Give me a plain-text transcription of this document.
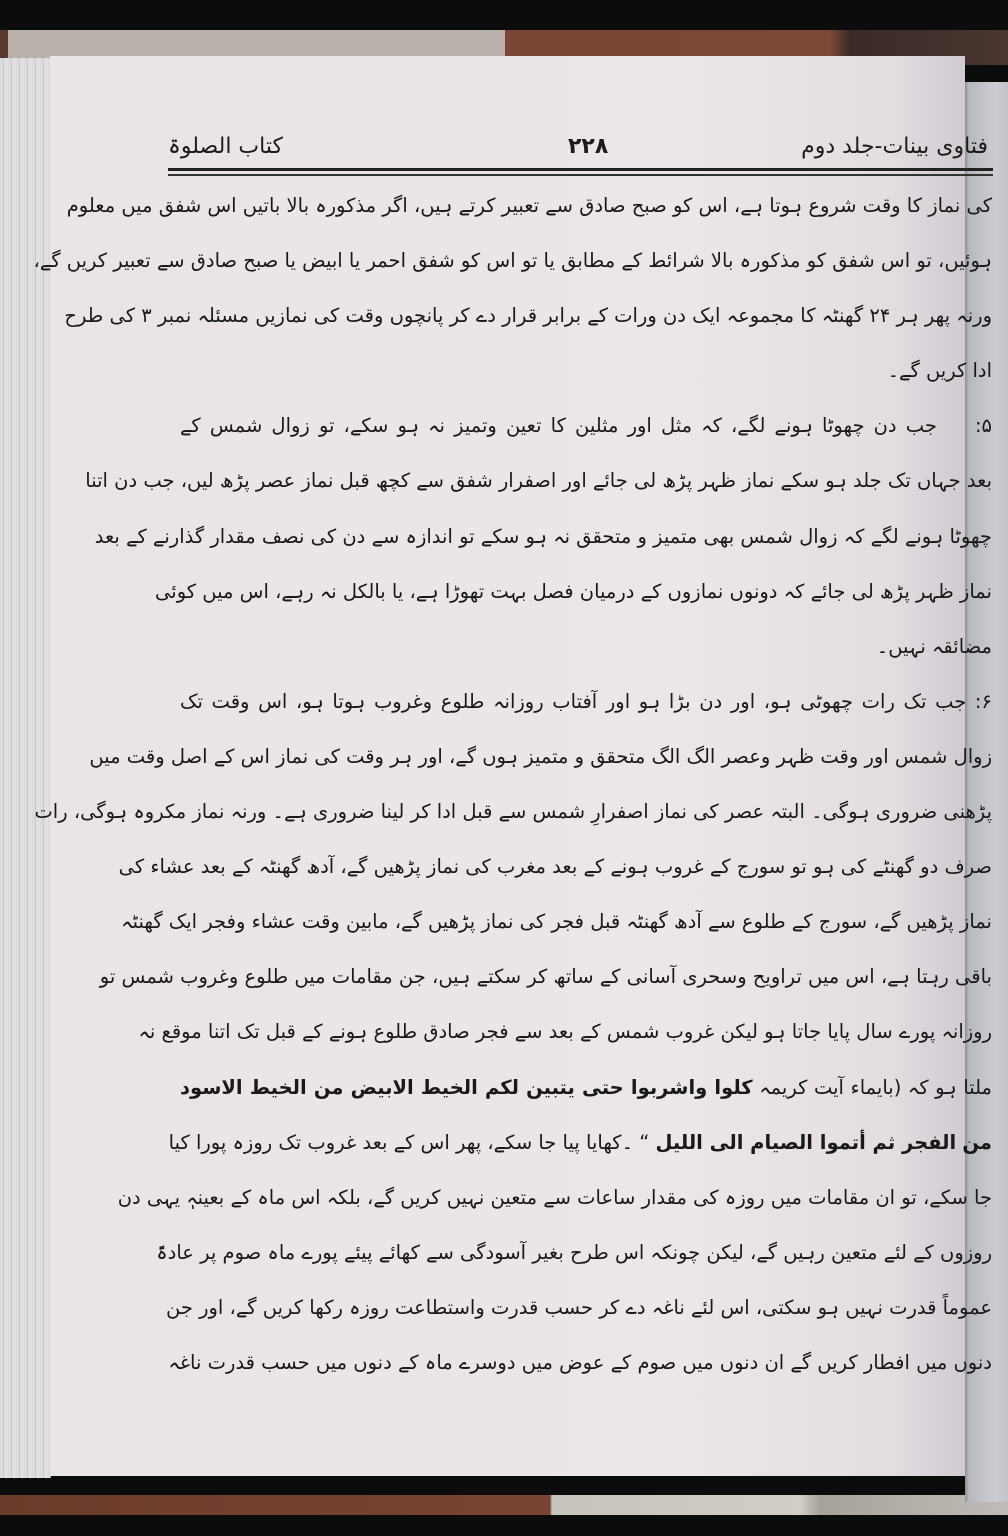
فتاوی بینات-جلد دوم
۲۲۸
کتاب الصلوۃ
کی نماز کا وقت شروع ہوتا ہے، اس کو صبح صادق سے تعبیر کرتے ہیں، اگر مذکورہ بالا باتیں اس شفق میں معلوم
ہوئیں، تو اس شفق کو مذکورہ بالا شرائط کے مطابق یا تو اس کو شفق احمر یا ابیض یا صبح صادق سے تعبیر کریں گے،
ورنہ پھر ہر ۲۴ گھنٹہ کا مجموعہ ایک دن ورات کے برابر قرار دے کر پانچوں وقت کی نمازیں مسئلہ نمبر ۳ کی طرح
ادا کریں گے۔
۵:جب دن چھوٹا ہونے لگے، کہ مثل اور مثلین کا تعین وتمیز نہ ہو سکے، تو زوال شمس کے
بعد جہاں تک جلد ہو سکے نماز ظہر پڑھ لی جائے اور اصفرار شفق سے کچھ قبل نماز عصر پڑھ لیں، جب دن اتنا
چھوٹا ہونے لگے کہ زوال شمس بھی متمیز و متحقق نہ ہو سکے تو اندازہ سے دن کی نصف مقدار گذارنے کے بعد
نماز ظہر پڑھ لی جائے کہ دونوں نمازوں کے درمیان فصل بہت تھوڑا ہے، یا بالکل نہ رہے، اس میں کوئی
مضائقہ نہیں۔
۶: جب تک رات چھوٹی ہو، اور دن بڑا ہو اور آفتاب روزانہ طلوع وغروب ہوتا ہو، اس وقت تک
زوال شمس اور وقت ظہر وعصر الگ الگ متحقق و متمیز ہوں گے، اور ہر وقت کی نماز اس کے اصل وقت میں
پڑھنی ضروری ہوگی۔ البتہ عصر کی نماز اصفرارِ شمس سے قبل ادا کر لینا ضروری ہے۔ ورنہ نماز مکروہ ہوگی، رات
صرف دو گھنٹے کی ہو تو سورج کے غروب ہونے کے بعد مغرب کی نماز پڑھیں گے، آدھ گھنٹہ کے بعد عشاء کی
نماز پڑھیں گے، سورج کے طلوع سے آدھ گھنٹہ قبل فجر کی نماز پڑھیں گے، مابین وقت عشاء وفجر ایک گھنٹہ
باقی رہتا ہے، اس میں تراویح وسحری آسانی کے ساتھ کر سکتے ہیں، جن مقامات میں طلوع وغروب شمس تو
روزانہ پورے سال پایا جاتا ہو لیکن غروب شمس کے بعد سے فجر صادق طلوع ہونے کے قبل تک اتنا موقع نہ
ملتا ہو کہ (بایماء آیت کریمہ کلوا واشربوا حتی یتبین لکم الخیط الابیض من الخیط الاسود
من الفجر ثم أتموا الصيام الى الليل “ ۔کھایا پیا جا سکے، پھر اس کے بعد غروب تک روزہ پورا کیا
جا سکے، تو ان مقامات میں روزہ کی مقدار ساعات سے متعین نہیں کریں گے، بلکہ اس ماہ کے بعینہٖ یہی دن
روزوں کے لئے متعین رہیں گے، لیکن چونکہ اس طرح بغیر آسودگی سے کھائے پیئے پورے ماہ صوم پر عادۃً
عموماً قدرت نہیں ہو سکتی، اس لئے ناغہ دے کر حسب قدرت واستطاعت روزہ رکھا کریں گے، اور جن
دنوں میں افطار کریں گے ان دنوں میں صوم کے عوض میں دوسرے ماہ کے دنوں میں حسب قدرت ناغہ
